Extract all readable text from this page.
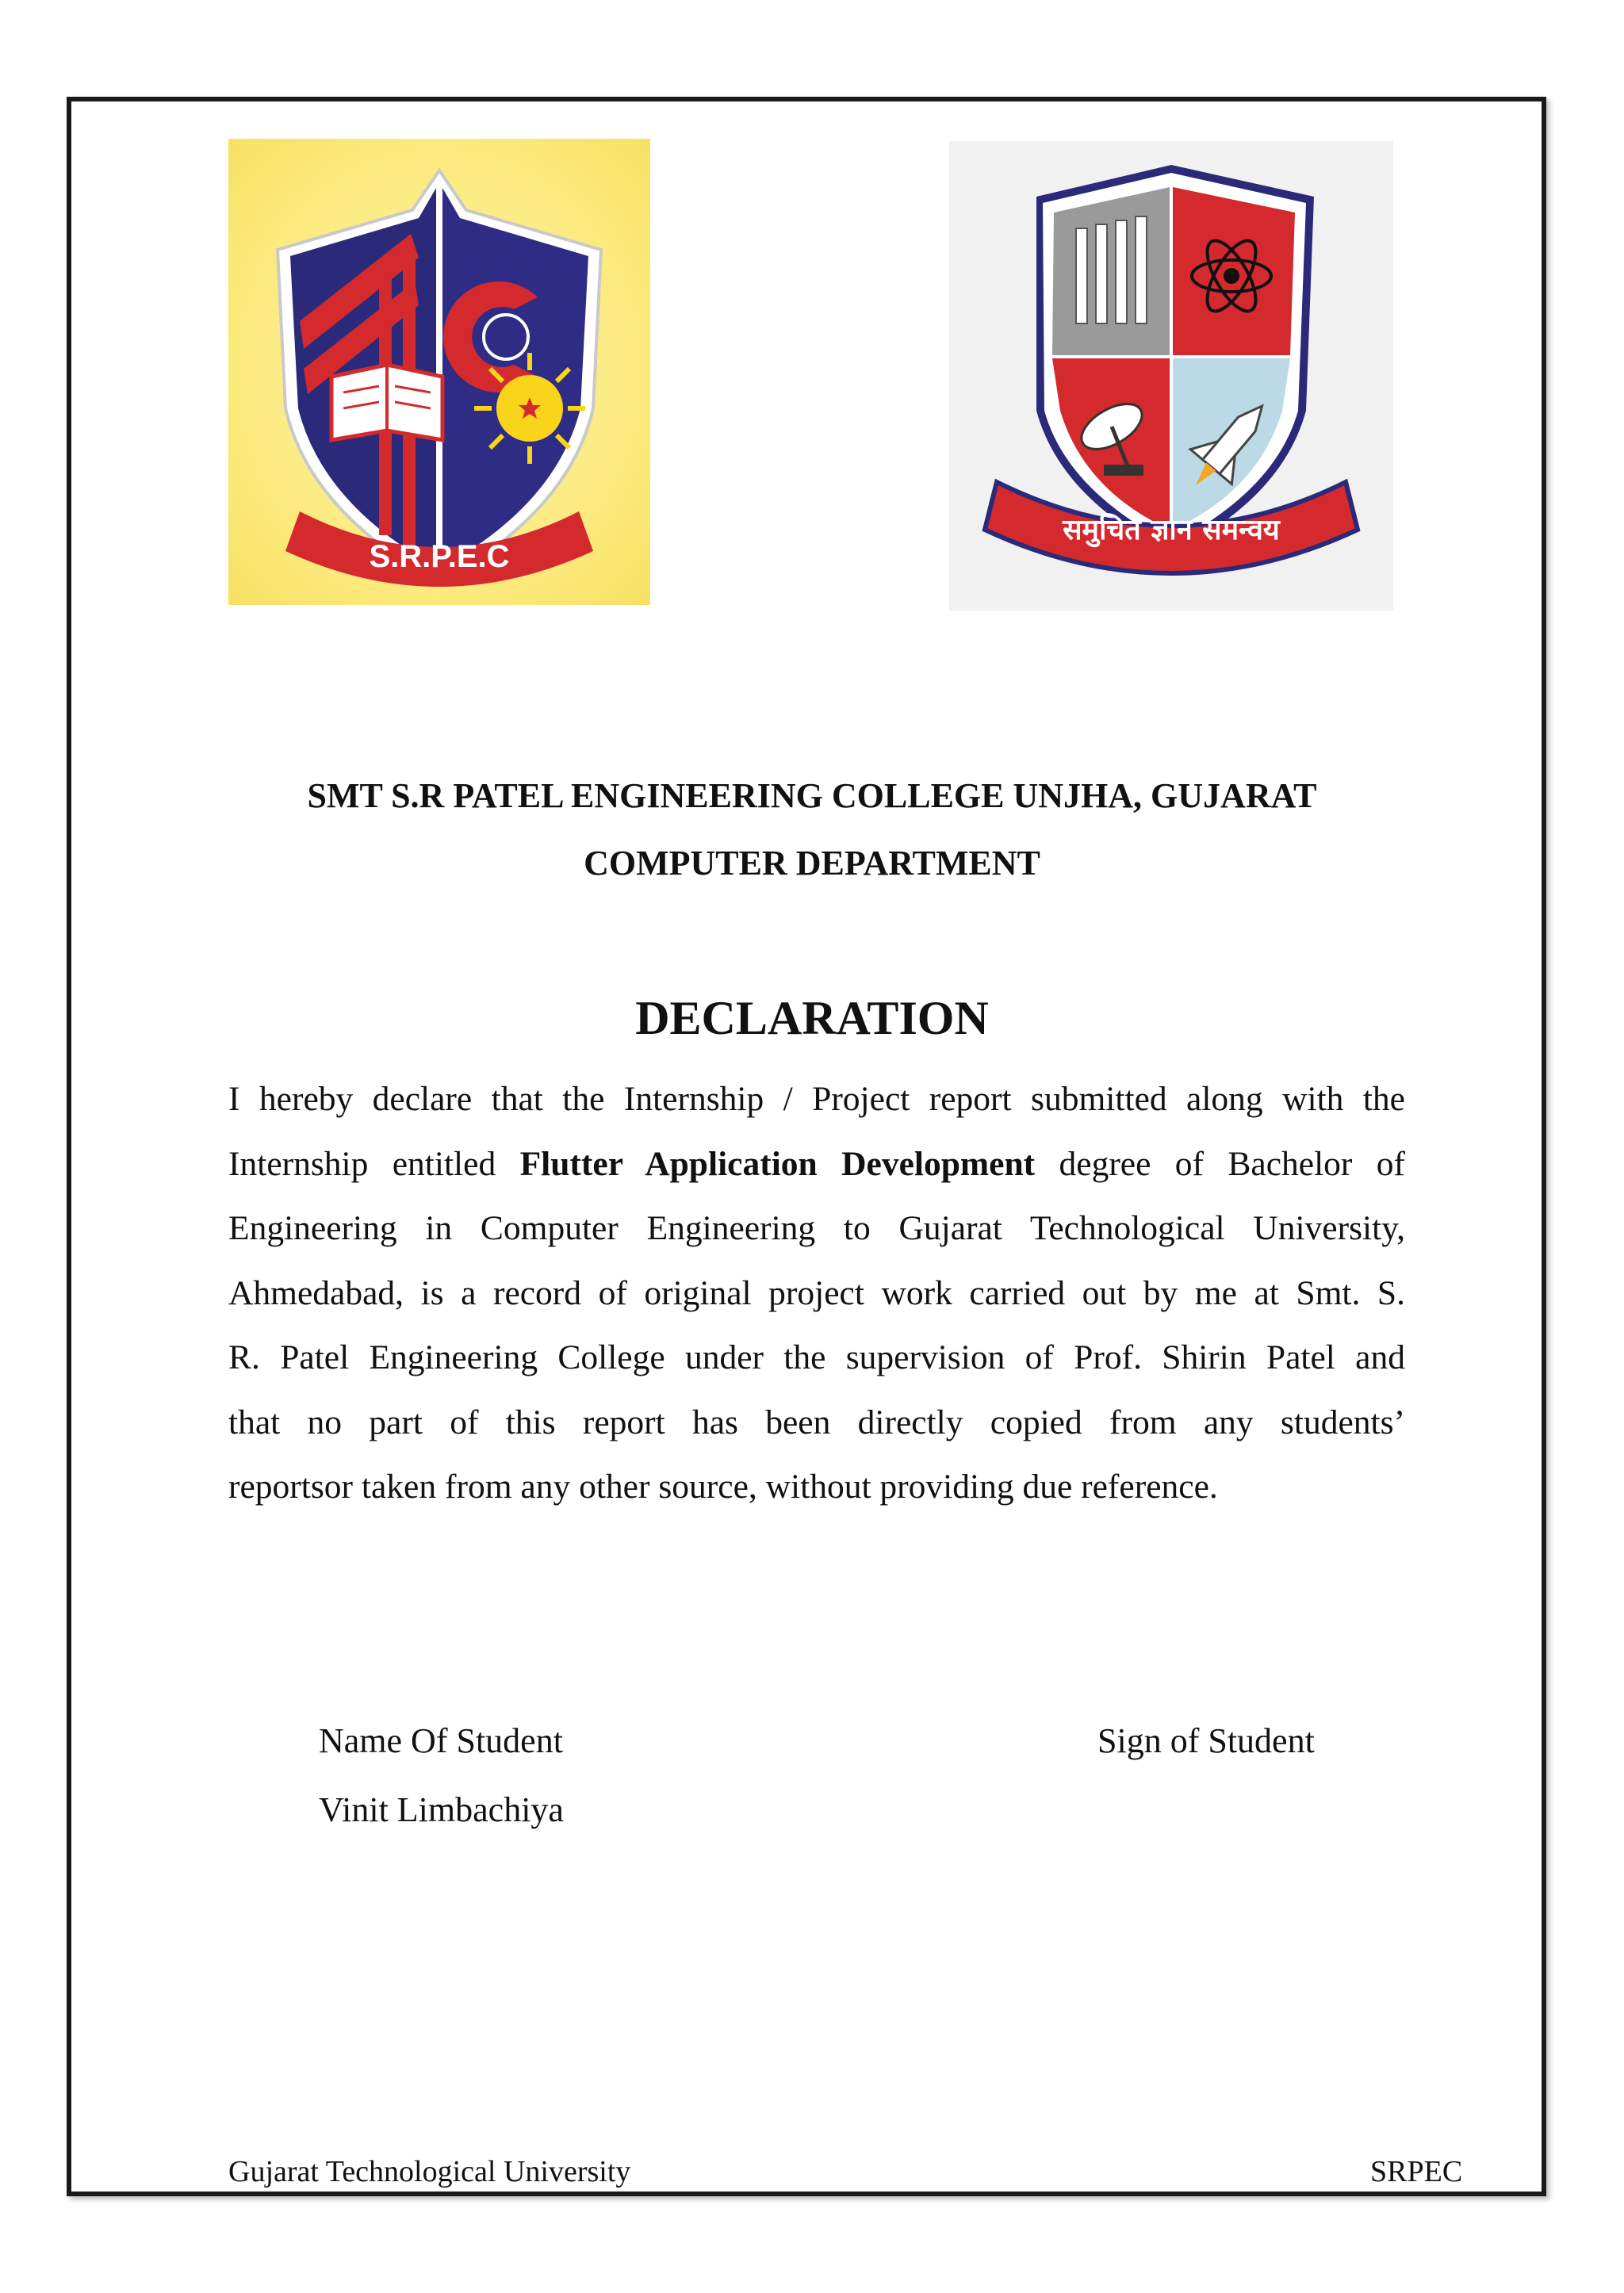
S.R.P.E.C
समुचित ज्ञान समन्वय
SMT S.R PATEL ENGINEERING COLLEGE UNJHA, GUJARAT
COMPUTER DEPARTMENT
DECLARATION
I hereby declare that the Internship / Project report submitted along with the
Internship entitled Flutter Application Development degree of Bachelor of
Engineering in Computer Engineering to Gujarat Technological University,
Ahmedabad, is a record of original project work carried out by me at Smt. S.
R. Patel Engineering College under the supervision of Prof. Shirin Patel and
that no part of this report has been directly copied from any students’
reportsor taken from any other source, without providing due reference.

Name Of Student

Vinit Limbachiya

Sign of Student

Gujarat Technological University	SRPEC
